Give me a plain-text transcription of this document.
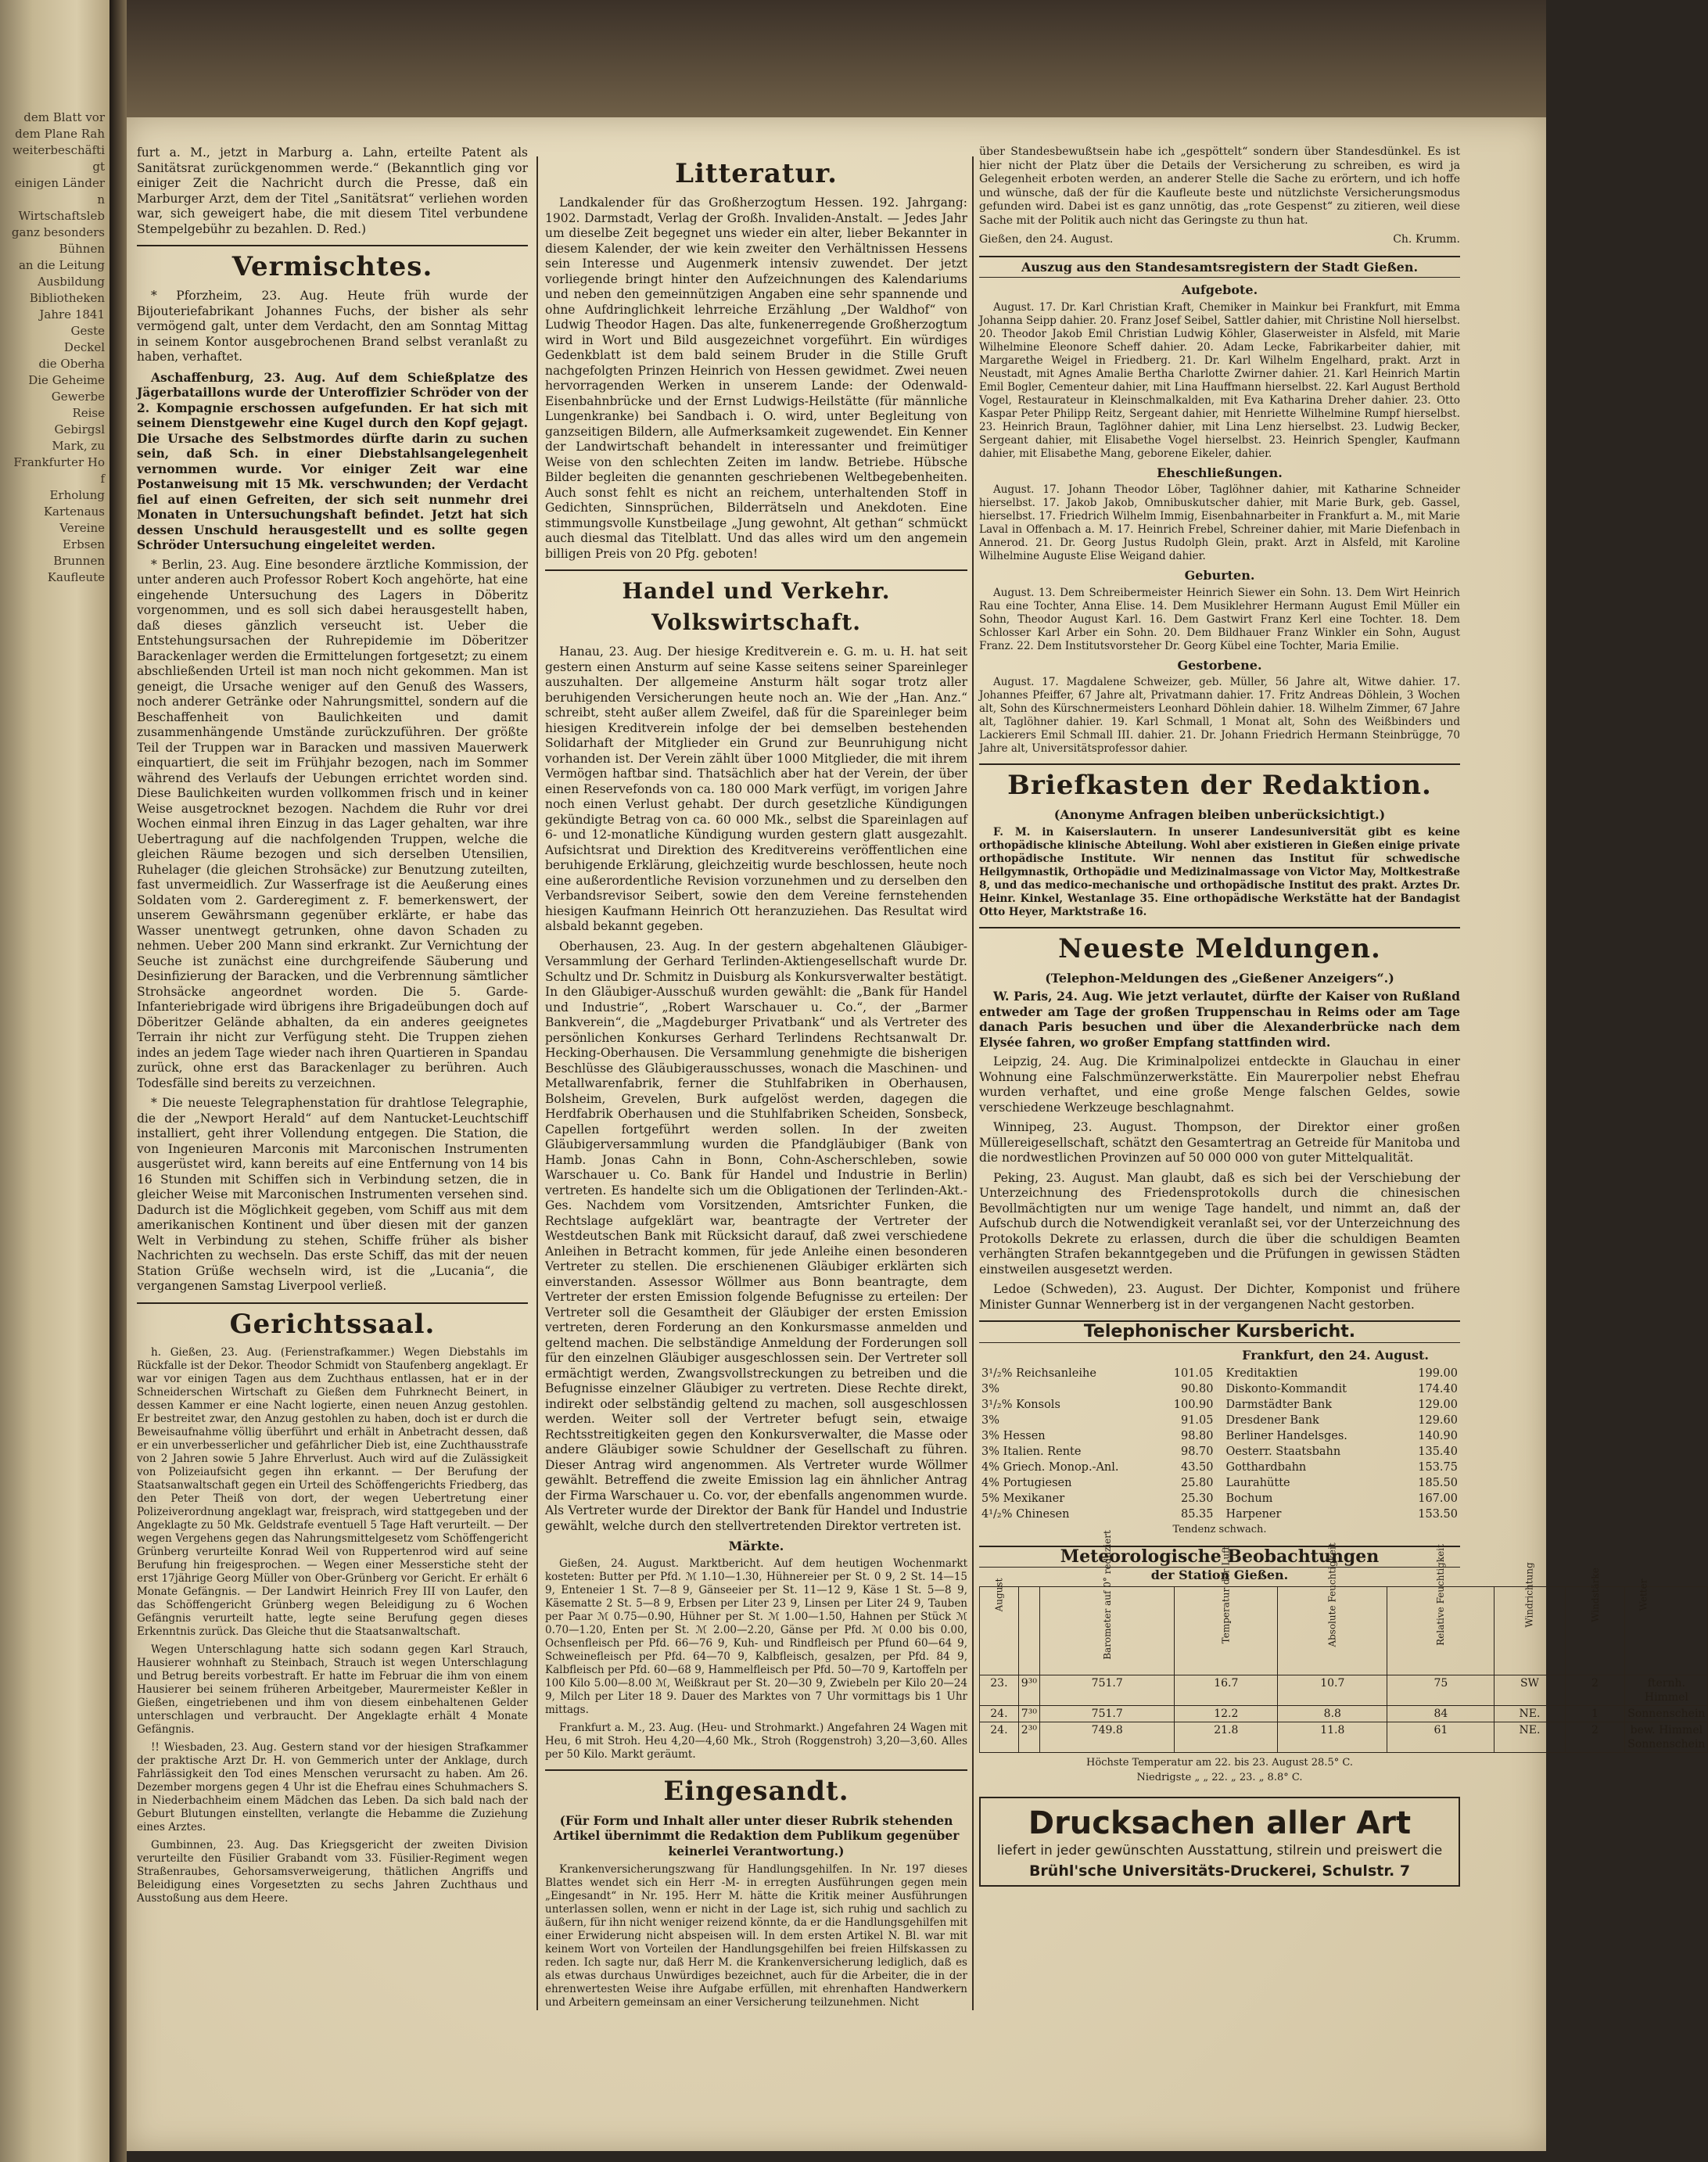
dem Blatt vor
dem Plane Rah
weiterbeschäftigt
einigen Ländern
Wirtschaftsleb
ganz besonders
Bühnen
an die Leitung
Ausbildung
Bibliotheken
Jahre 1841
Geste
Deckel
die Oberha
Die Geheime
Gewerbe
Reise
Gebirgsl
Mark, zu
Frankfurter Hof
Erholung
Kartenaus
Vereine
Erbsen
Brunnen
Kaufleute

furt a. M., jetzt in Marburg a. Lahn, erteilte Patent als Sanitätsrat zurückgenommen werde.“ (Bekanntlich ging vor einiger Zeit die Nachricht durch die Presse, daß ein Marburger Arzt, dem der Titel „Sanitätsrat“ verliehen worden war, sich geweigert habe, die mit diesem Titel verbundene Stempelgebühr zu bezahlen. D. Red.)

Vermischtes.

* Pforzheim, 23. Aug. Heute früh wurde der Bijouteriefabrikant Johannes Fuchs, der bisher als sehr vermögend galt, unter dem Verdacht, den am Sonntag Mittag in seinem Kontor ausgebrochenen Brand selbst veranlaßt zu haben, verhaftet.

Aschaffenburg, 23. Aug. Auf dem Schießplatze des Jägerbataillons wurde der Unteroffizier Schröder von der 2. Kompagnie erschossen aufgefunden. Er hat sich mit seinem Dienstgewehr eine Kugel durch den Kopf gejagt. Die Ursache des Selbstmordes dürfte darin zu suchen sein, daß Sch. in einer Diebstahlsangelegenheit vernommen wurde. Vor einiger Zeit war eine Postanweisung mit 15 Mk. verschwunden; der Verdacht fiel auf einen Gefreiten, der sich seit nunmehr drei Monaten in Untersuchungshaft befindet. Jetzt hat sich dessen Unschuld herausgestellt und es sollte gegen Schröder Untersuchung eingeleitet werden.

* Berlin, 23. Aug. Eine besondere ärztliche Kommission, der unter anderen auch Professor Robert Koch angehörte, hat eine eingehende Untersuchung des Lagers in Döberitz vorgenommen, und es soll sich dabei herausgestellt haben, daß dieses gänzlich verseucht ist. Ueber die Entstehungsursachen der Ruhrepidemie im Döberitzer Barackenlager werden die Ermittelungen fortgesetzt; zu einem abschließenden Urteil ist man noch nicht gekommen. Man ist geneigt, die Ursache weniger auf den Genuß des Wassers, noch anderer Getränke oder Nahrungsmittel, sondern auf die Beschaffenheit von Baulichkeiten und damit zusammenhängende Umstände zurückzuführen. Der größte Teil der Truppen war in Baracken und massiven Mauerwerk einquartiert, die seit im Frühjahr bezogen, nach im Sommer während des Verlaufs der Uebungen errichtet worden sind. Diese Baulichkeiten wurden vollkommen frisch und in keiner Weise ausgetrocknet bezogen. Nachdem die Ruhr vor drei Wochen einmal ihren Einzug in das Lager gehalten, war ihre Uebertragung auf die nachfolgenden Truppen, welche die gleichen Räume bezogen und sich derselben Utensilien, Ruhelager (die gleichen Strohsäcke) zur Benutzung zuteilten, fast unvermeidlich. Zur Wasserfrage ist die Aeußerung eines Soldaten vom 2. Garderegiment z. F. bemerkenswert, der unserem Gewährsmann gegenüber erklärte, er habe das Wasser unentwegt getrunken, ohne davon Schaden zu nehmen. Ueber 200 Mann sind erkrankt. Zur Vernichtung der Seuche ist zunächst eine durchgreifende Säuberung und Desinfizierung der Baracken, und die Verbrennung sämtlicher Strohsäcke angeordnet worden. Die 5. Garde-Infanteriebrigade wird übrigens ihre Brigadeübungen doch auf Döberitzer Gelände abhalten, da ein anderes geeignetes Terrain ihr nicht zur Verfügung steht. Die Truppen ziehen indes an jedem Tage wieder nach ihren Quartieren in Spandau zurück, ohne erst das Barackenlager zu berühren. Auch Todesfälle sind bereits zu verzeichnen.

* Die neueste Telegraphenstation für drahtlose Telegraphie, die der „Newport Herald“ auf dem Nantucket-Leuchtschiff installiert, geht ihrer Vollendung entgegen. Die Station, die von Ingenieuren Marconis mit Marconischen Instrumenten ausgerüstet wird, kann bereits auf eine Entfernung von 14 bis 16 Stunden mit Schiffen sich in Verbindung setzen, die in gleicher Weise mit Marconischen Instrumenten versehen sind. Dadurch ist die Möglichkeit gegeben, vom Schiff aus mit dem amerikanischen Kontinent und über diesen mit der ganzen Welt in Verbindung zu stehen, Schiffe früher als bisher Nachrichten zu wechseln. Das erste Schiff, das mit der neuen Station Grüße wechseln wird, ist die „Lucania“, die vergangenen Samstag Liverpool verließ.

Gerichtssaal.

h. Gießen, 23. Aug. (Ferienstrafkammer.) Wegen Diebstahls im Rückfalle ist der Dekor. Theodor Schmidt von Staufenberg angeklagt. Er war vor einigen Tagen aus dem Zuchthaus entlassen, hat er in der Schneiderschen Wirtschaft zu Gießen dem Fuhrknecht Beinert, in dessen Kammer er eine Nacht logierte, einen neuen Anzug gestohlen. Er bestreitet zwar, den Anzug gestohlen zu haben, doch ist er durch die Beweisaufnahme völlig überführt und erhält in Anbetracht dessen, daß er ein unverbesserlicher und gefährlicher Dieb ist, eine Zuchthausstrafe von 2 Jahren sowie 5 Jahre Ehrverlust. Auch wird auf die Zulässigkeit von Polizeiaufsicht gegen ihn erkannt. — Der Berufung der Staatsanwaltschaft gegen ein Urteil des Schöffengerichts Friedberg, das den Peter Theiß von dort, der wegen Uebertretung einer Polizeiverordnung angeklagt war, freisprach, wird stattgegeben und der Angeklagte zu 50 Mk. Geldstrafe eventuell 5 Tage Haft verurteilt. — Der wegen Vergehens gegen das Nahrungsmittelgesetz vom Schöffengericht Grünberg verurteilte Konrad Weil von Ruppertenrod wird auf seine Berufung hin freigesprochen. — Wegen einer Messerstiche steht der erst 17jährige Georg Müller von Ober-Grünberg vor Gericht. Er erhält 6 Monate Gefängnis. — Der Landwirt Heinrich Frey III von Laufer, den das Schöffengericht Grünberg wegen Beleidigung zu 6 Wochen Gefängnis verurteilt hatte, legte seine Berufung gegen dieses Erkenntnis zurück. Das Gleiche thut die Staatsanwaltschaft.

Wegen Unterschlagung hatte sich sodann gegen Karl Strauch, Hausierer wohnhaft zu Steinbach, Strauch ist wegen Unterschlagung und Betrug bereits vorbestraft. Er hatte im Februar die ihm von einem Hausierer bei seinem früheren Arbeitgeber, Maurermeister Keßler in Gießen, eingetriebenen und ihm von diesem einbehaltenen Gelder unterschlagen und verbraucht. Der Angeklagte erhält 4 Monate Gefängnis.

!! Wiesbaden, 23. Aug. Gestern stand vor der hiesigen Strafkammer der praktische Arzt Dr. H. von Gemmerich unter der Anklage, durch Fahrlässigkeit den Tod eines Menschen verursacht zu haben. Am 26. Dezember morgens gegen 4 Uhr ist die Ehefrau eines Schuhmachers S. in Niederbachheim einem Mädchen das Leben. Da sich bald nach der Geburt Blutungen einstellten, verlangte die Hebamme die Zuziehung eines Arztes.

Gumbinnen, 23. Aug. Das Kriegsgericht der zweiten Division verurteilte den Füsilier Grabandt vom 33. Füsilier-Regiment wegen Straßenraubes, Gehorsamsverweigerung, thätlichen Angriffs und Beleidigung eines Vorgesetzten zu sechs Jahren Zuchthaus und Ausstoßung aus dem Heere.

Litteratur.

Landkalender für das Großherzogtum Hessen. 192. Jahrgang: 1902. Darmstadt, Verlag der Großh. Invaliden-Anstalt. — Jedes Jahr um dieselbe Zeit begegnet uns wieder ein alter, lieber Bekannter in diesem Kalender, der wie kein zweiter den Verhältnissen Hessens sein Interesse und Augenmerk intensiv zuwendet. Der jetzt vorliegende bringt hinter den Aufzeichnungen des Kalendariums und neben den gemeinnützigen Angaben eine sehr spannende und ohne Aufdringlichkeit lehrreiche Erzählung „Der Waldhof“ von Ludwig Theodor Hagen. Das alte, funkenerregende Großherzogtum wird in Wort und Bild ausgezeichnet vorgeführt. Ein würdiges Gedenkblatt ist dem bald seinem Bruder in die Stille Gruft nachgefolgten Prinzen Heinrich von Hessen gewidmet. Zwei neuen hervorragenden Werken in unserem Lande: der Odenwald-Eisenbahnbrücke und der Ernst Ludwigs-Heilstätte (für männliche Lungenkranke) bei Sandbach i. O. wird, unter Begleitung von ganzseitigen Bildern, alle Aufmerksamkeit zugewendet. Ein Kenner der Landwirtschaft behandelt in interessanter und freimütiger Weise von den schlechten Zeiten im landw. Betriebe. Hübsche Bilder begleiten die genannten geschriebenen Weltbegebenheiten. Auch sonst fehlt es nicht an reichem, unterhaltenden Stoff in Gedichten, Sinnsprüchen, Bilderrätseln und Anekdoten. Eine stimmungsvolle Kunstbeilage „Jung gewohnt, Alt gethan“ schmückt auch diesmal das Titelblatt. Und das alles wird um den angemein billigen Preis von 20 Pfg. geboten!

Handel und Verkehr. Volkswirtschaft.

Hanau, 23. Aug. Der hiesige Kreditverein e. G. m. u. H. hat seit gestern einen Ansturm auf seine Kasse seitens seiner Spareinleger auszuhalten. Der allgemeine Ansturm hält sogar trotz aller beruhigenden Versicherungen heute noch an. Wie der „Han. Anz.“ schreibt, steht außer allem Zweifel, daß für die Spareinleger beim hiesigen Kreditverein infolge der bei demselben bestehenden Solidarhaft der Mitglieder ein Grund zur Beunruhigung nicht vorhanden ist. Der Verein zählt über 1000 Mitglieder, die mit ihrem Vermögen haftbar sind. Thatsächlich aber hat der Verein, der über einen Reservefonds von ca. 180 000 Mark verfügt, im vorigen Jahre noch einen Verlust gehabt. Der durch gesetzliche Kündigungen gekündigte Betrag von ca. 60 000 Mk., selbst die Spareinlagen auf 6- und 12-monatliche Kündigung wurden gestern glatt ausgezahlt. Aufsichtsrat und Direktion des Kreditvereins veröffentlichen eine beruhigende Erklärung, gleichzeitig wurde beschlossen, heute noch eine außerordentliche Revision vorzunehmen und zu derselben den Verbandsrevisor Seibert, sowie den dem Vereine fernstehenden hiesigen Kaufmann Heinrich Ott heranzuziehen. Das Resultat wird alsbald bekannt gegeben.

Oberhausen, 23. Aug. In der gestern abgehaltenen Gläubiger-Versammlung der Gerhard Terlinden-Aktiengesellschaft wurde Dr. Schultz und Dr. Schmitz in Duisburg als Konkursverwalter bestätigt. In den Gläubiger-Ausschuß wurden gewählt: die „Bank für Handel und Industrie“, „Robert Warschauer u. Co.“, der „Barmer Bankverein“, die „Magdeburger Privatbank“ und als Vertreter des persönlichen Konkurses Gerhard Terlindens Rechtsanwalt Dr. Hecking-Oberhausen. Die Versammlung genehmigte die bisherigen Beschlüsse des Gläubigerausschusses, wonach die Maschinen- und Metallwarenfabrik, ferner die Stuhlfabriken in Oberhausen, Bolsheim, Grevelen, Burk aufgelöst werden, dagegen die Herdfabrik Oberhausen und die Stuhlfabriken Scheiden, Sonsbeck, Capellen fortgeführt werden sollen. In der zweiten Gläubigerversammlung wurden die Pfandgläubiger (Bank von Hamb. Jonas Cahn in Bonn, Cohn-Ascherschleben, sowie Warschauer u. Co. Bank für Handel und Industrie in Berlin) vertreten. Es handelte sich um die Obligationen der Terlinden-Akt.-Ges. Nachdem vom Vorsitzenden, Amtsrichter Funken, die Rechtslage aufgeklärt war, beantragte der Vertreter der Westdeutschen Bank mit Rücksicht darauf, daß zwei verschiedene Anleihen in Betracht kommen, für jede Anleihe einen besonderen Vertreter zu stellen. Die erschienenen Gläubiger erklärten sich einverstanden. Assessor Wöllmer aus Bonn beantragte, dem Vertreter der ersten Emission folgende Befugnisse zu erteilen: Der Vertreter soll die Gesamtheit der Gläubiger der ersten Emission vertreten, deren Forderung an den Konkursmasse anmelden und geltend machen. Die selbständige Anmeldung der Forderungen soll für den einzelnen Gläubiger ausgeschlossen sein. Der Vertreter soll ermächtigt werden, Zwangsvollstreckungen zu betreiben und die Befugnisse einzelner Gläubiger zu vertreten. Diese Rechte direkt, indirekt oder selbständig geltend zu machen, soll ausgeschlossen werden. Weiter soll der Vertreter befugt sein, etwaige Rechtsstreitigkeiten gegen den Konkursverwalter, die Masse oder andere Gläubiger sowie Schuldner der Gesellschaft zu führen. Dieser Antrag wird angenommen. Als Vertreter wurde Wöllmer gewählt. Betreffend die zweite Emission lag ein ähnlicher Antrag der Firma Warschauer u. Co. vor, der ebenfalls angenommen wurde. Als Vertreter wurde der Direktor der Bank für Handel und Industrie gewählt, welche durch den stellvertretenden Direktor vertreten ist.

Märkte.

Gießen, 24. August. Marktbericht. Auf dem heutigen Wochenmarkt kosteten: Butter per Pfd. ℳ 1.10—1.30, Hühnereier per St. 0 9, 2 St. 14—15 9, Enteneier 1 St. 7—8 9, Gänseeier per St. 11—12 9, Käse 1 St. 5—8 9, Käsematte 2 St. 5—8 9, Erbsen per Liter 23 9, Linsen per Liter 24 9, Tauben per Paar ℳ 0.75—0.90, Hühner per St. ℳ 1.00—1.50, Hahnen per Stück ℳ 0.70—1.20, Enten per St. ℳ 2.00—2.20, Gänse per Pfd. ℳ 0.00 bis 0.00, Ochsenfleisch per Pfd. 66—76 9, Kuh- und Rindfleisch per Pfund 60—64 9, Schweinefleisch per Pfd. 64—70 9, Kalbfleisch, gesalzen, per Pfd. 84 9, Kalbfleisch per Pfd. 60—68 9, Hammelfleisch per Pfd. 50—70 9, Kartoffeln per 100 Kilo 5.00—8.00 ℳ, Weißkraut per St. 20—30 9, Zwiebeln per Kilo 20—24 9, Milch per Liter 18 9. Dauer des Marktes von 7 Uhr vormittags bis 1 Uhr mittags.

Frankfurt a. M., 23. Aug. (Heu- und Strohmarkt.) Angefahren 24 Wagen mit Heu, 6 mit Stroh. Heu 4,20—4,60 Mk., Stroh (Roggenstroh) 3,20—3,60. Alles per 50 Kilo. Markt geräumt.

Eingesandt.

(Für Form und Inhalt aller unter dieser Rubrik stehenden Artikel übernimmt die Redaktion dem Publikum gegenüber keinerlei Verantwortung.)

Krankenversicherungszwang für Handlungsgehilfen. In Nr. 197 dieses Blattes wendet sich ein Herr -M- in erregten Ausführungen gegen mein „Eingesandt“ in Nr. 195. Herr M. hätte die Kritik meiner Ausführungen unterlassen sollen, wenn er nicht in der Lage ist, sich ruhig und sachlich zu äußern, für ihn nicht weniger reizend könnte, da er die Handlungsgehilfen mit einer Erwiderung nicht abspeisen will. In dem ersten Artikel N. Bl. war mit keinem Wort von Vorteilen der Handlungsgehilfen bei freien Hilfskassen zu reden. Ich sagte nur, daß Herr M. die Krankenversicherung lediglich, daß es als etwas durchaus Unwürdiges bezeichnet, auch für die Arbeiter, die in der ehrenwertesten Weise ihre Aufgabe erfüllen, mit ehrenhaften Handwerkern und Arbeitern gemeinsam an einer Versicherung teilzunehmen. Nicht

über Standesbewußtsein habe ich „gespöttelt“ sondern über Standesdünkel. Es ist hier nicht der Platz über die Details der Versicherung zu schreiben, es wird ja Gelegenheit erboten werden, an anderer Stelle die Sache zu erörtern, und ich hoffe und wünsche, daß der für die Kaufleute beste und nützlichste Versicherungsmodus gefunden wird. Dabei ist es ganz unnötig, das „rote Gespenst“ zu zitieren, weil diese Sache mit der Politik auch nicht das Geringste zu thun hat.

Gießen, den 24. August.	Ch. Krumm.
Auszug aus den Standesamtsregistern der Stadt Gießen.
Aufgebote.

August. 17. Dr. Karl Christian Kraft, Chemiker in Mainkur bei Frankfurt, mit Emma Johanna Seipp dahier. 20. Franz Josef Seibel, Sattler dahier, mit Christine Noll hierselbst. 20. Theodor Jakob Emil Christian Ludwig Köhler, Glaserweister in Alsfeld, mit Marie Wilhelmine Eleonore Scheff dahier. 20. Adam Lecke, Fabrikarbeiter dahier, mit Margarethe Weigel in Friedberg. 21. Dr. Karl Wilhelm Engelhard, prakt. Arzt in Neustadt, mit Agnes Amalie Bertha Charlotte Zwirner dahier. 21. Karl Heinrich Martin Emil Bogler, Cementeur dahier, mit Lina Hauffmann hierselbst. 22. Karl August Berthold Vogel, Restaurateur in Kleinschmalkalden, mit Eva Katharina Dreher dahier. 23. Otto Kaspar Peter Philipp Reitz, Sergeant dahier, mit Henriette Wilhelmine Rumpf hierselbst. 23. Heinrich Braun, Taglöhner dahier, mit Lina Lenz hierselbst. 23. Ludwig Becker, Sergeant dahier, mit Elisabethe Vogel hierselbst. 23. Heinrich Spengler, Kaufmann dahier, mit Elisabethe Mang, geborene Eikeler, dahier.

Eheschließungen.

August. 17. Johann Theodor Löber, Taglöhner dahier, mit Katharine Schneider hierselbst. 17. Jakob Jakob, Omnibuskutscher dahier, mit Marie Burk, geb. Gassel, hierselbst. 17. Friedrich Wilhelm Immig, Eisenbahnarbeiter in Frankfurt a. M., mit Marie Laval in Offenbach a. M. 17. Heinrich Frebel, Schreiner dahier, mit Marie Diefenbach in Annerod. 21. Dr. Georg Justus Rudolph Glein, prakt. Arzt in Alsfeld, mit Karoline Wilhelmine Auguste Elise Weigand dahier.

Geburten.

August. 13. Dem Schreibermeister Heinrich Siewer ein Sohn. 13. Dem Wirt Heinrich Rau eine Tochter, Anna Elise. 14. Dem Musiklehrer Hermann August Emil Müller ein Sohn, Theodor August Karl. 16. Dem Gastwirt Franz Kerl eine Tochter. 18. Dem Schlosser Karl Arber ein Sohn. 20. Dem Bildhauer Franz Winkler ein Sohn, August Franz. 22. Dem Institutsvorsteher Dr. Georg Kübel eine Tochter, Maria Emilie.

Gestorbene.

August. 17. Magdalene Schweizer, geb. Müller, 56 Jahre alt, Witwe dahier. 17. Johannes Pfeiffer, 67 Jahre alt, Privatmann dahier. 17. Fritz Andreas Döhlein, 3 Wochen alt, Sohn des Kürschnermeisters Leonhard Döhlein dahier. 18. Wilhelm Zimmer, 67 Jahre alt, Taglöhner dahier. 19. Karl Schmall, 1 Monat alt, Sohn des Weißbinders und Lackierers Emil Schmall III. dahier. 21. Dr. Johann Friedrich Hermann Steinbrügge, 70 Jahre alt, Universitätsprofessor dahier.

Briefkasten der Redaktion.
(Anonyme Anfragen bleiben unberücksichtigt.)

F. M. in Kaiserslautern. In unserer Landesuniversität gibt es keine orthopädische klinische Abteilung. Wohl aber existieren in Gießen einige private orthopädische Institute. Wir nennen das Institut für schwedische Heilgymnastik, Orthopädie und Medizinalmassage von Victor May, Moltkestraße 8, und das medico-mechanische und orthopädische Institut des prakt. Arztes Dr. Heinr. Kinkel, Westanlage 35. Eine orthopädische Werkstätte hat der Bandagist Otto Heyer, Marktstraße 16.

Neueste Meldungen.
(Telephon-Meldungen des „Gießener Anzeigers“.)

W. Paris, 24. Aug. Wie jetzt verlautet, dürfte der Kaiser von Rußland entweder am Tage der großen Truppenschau in Reims oder am Tage danach Paris besuchen und über die Alexanderbrücke nach dem Elysée fahren, wo großer Empfang stattfinden wird.

Leipzig, 24. Aug. Die Kriminalpolizei entdeckte in Glauchau in einer Wohnung eine Falschmünzerwerkstätte. Ein Maurerpolier nebst Ehefrau wurden verhaftet, und eine große Menge falschen Geldes, sowie verschiedene Werkzeuge beschlagnahmt.

Winnipeg, 23. August. Thompson, der Direktor einer großen Müllereigesellschaft, schätzt den Gesamtertrag an Getreide für Manitoba und die nordwestlichen Provinzen auf 50 000 000 von guter Mittelqualität.

Peking, 23. August. Man glaubt, daß es sich bei der Verschiebung der Unterzeichnung des Friedensprotokolls durch die chinesischen Bevollmächtigten nur um wenige Tage handelt, und nimmt an, daß der Aufschub durch die Notwendigkeit veranlaßt sei, vor der Unterzeichnung des Protokolls Dekrete zu erlassen, durch die über die schuldigen Beamten verhängten Strafen bekanntgegeben und die Prüfungen in gewissen Städten einstweilen ausgesetzt werden.

Ledoe (Schweden), 23. August. Der Dichter, Komponist und frühere Minister Gunnar Wennerberg ist in der vergangenen Nacht gestorben.

Telephonischer Kursbericht.
Frankfurt, den 24. August.
3¹/₂% Reichsanleihe	101.05
3%	90.80
3¹/₂% Konsols	100.90
3%	91.05
3% Hessen	98.80
3% Italien. Rente	98.70
4% Griech. Monop.-Anl.	43.50
4% Portugiesen	25.80
5% Mexikaner	25.30
4¹/₂% Chinesen	85.35
Kreditaktien	199.00
Diskonto-Kommandit	174.40
Darmstädter Bank	129.00
Dresdener Bank	129.60
Berliner Handelsges.	140.90
Oesterr. Staatsbahn	135.40
Gotthardbahn	153.75
Laurahütte	185.50
Bochum	167.00
Harpener	153.50
Tendenz schwach.
Meteorologische Beobachtungen
der Station Gießen.
August		Barometer auf 0° reduziert	Temperatur der Luft	Absolute Feuchtigkeit	Relative Feuchtigkeit	Windrichtung	Windstärke	Wetter
23.	9³⁰	751.7	16.7	10.7	75	SW	2	fternh. Himmel
24.	7³⁰	751.7	12.2	8.8	84	NE.	1	Sonnenschein
24.	2³⁰	749.8	21.8	11.8	61	NE.	2	bew. Himmel Sonnenschein
Höchste Temperatur am 22. bis 23. August 28.5° C.
Niedrigste „ „ 22. „ 23. „ 8.8° C.
Drucksachen aller Art
liefert in jeder gewünschten Ausstattung, stilrein und preiswert die
Brühl'sche Universitäts-Druckerei, Schulstr. 7
